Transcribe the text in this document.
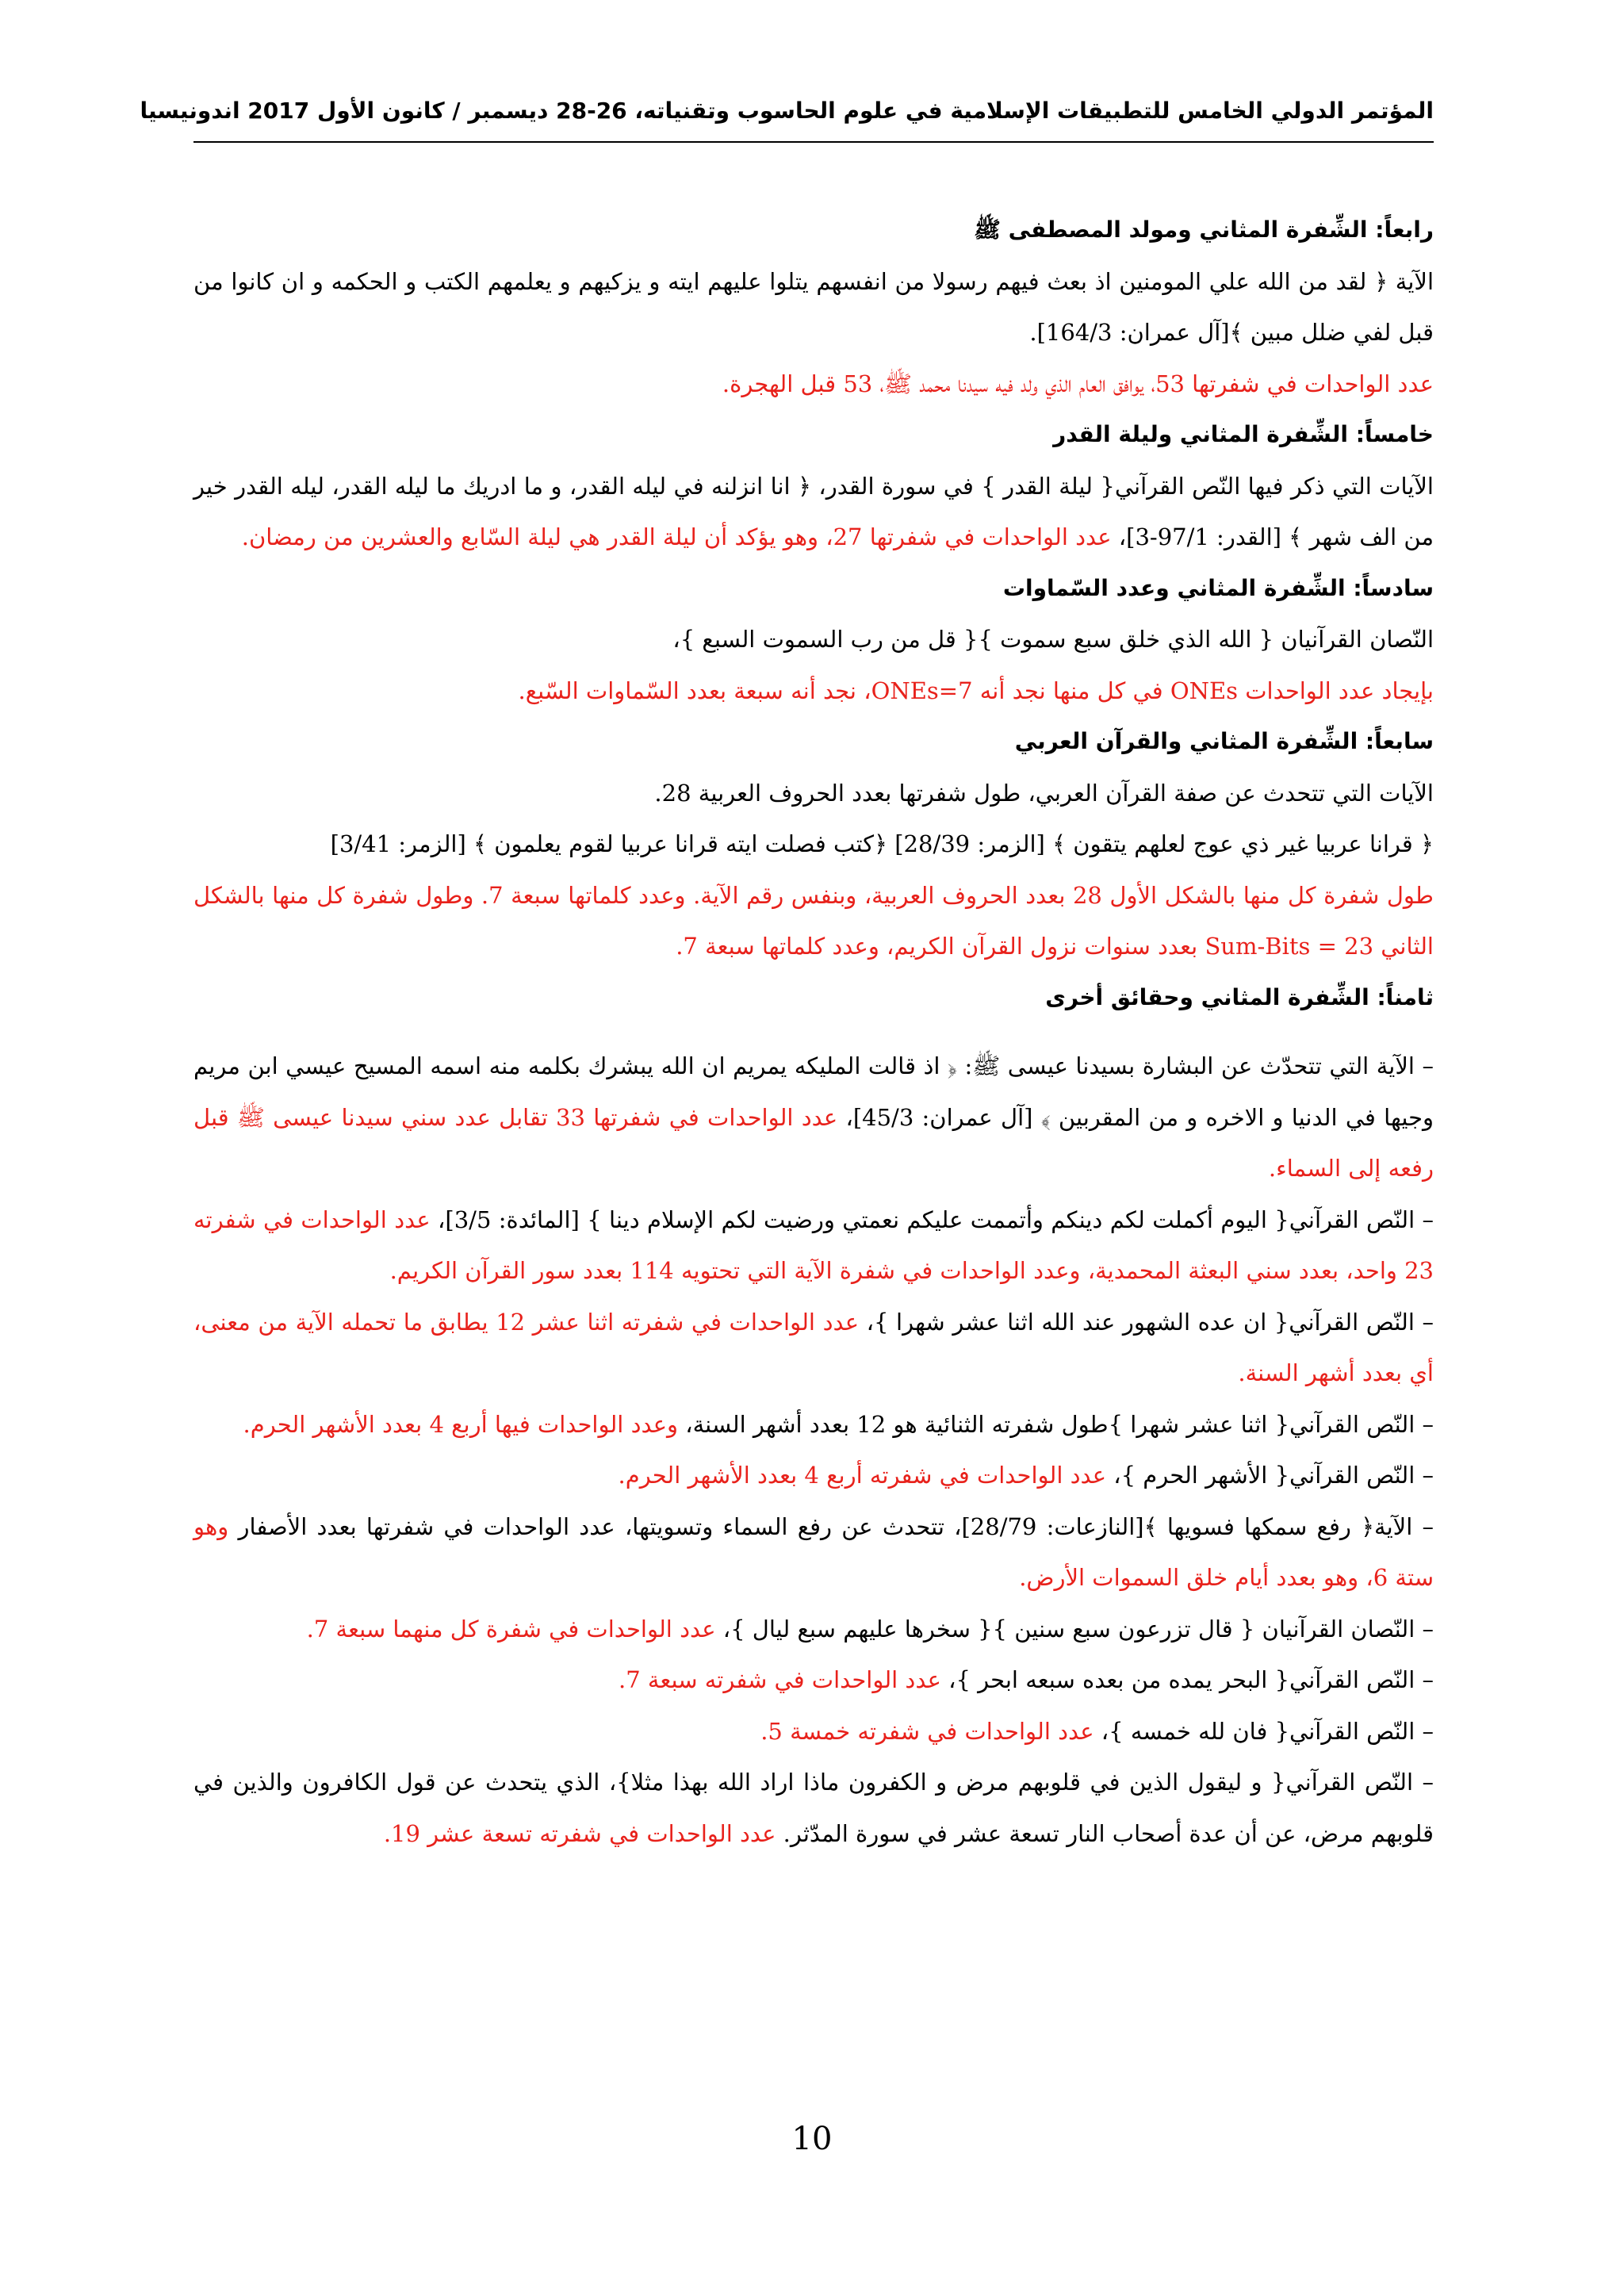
المؤتمر الدولي الخامس للتطبيقات الإسلامية في علوم الحاسوب وتقنياته، 26-28 ديسمبر / كانون الأول 2017 اندونيسيا

رابعاً: الشِّفرة المثاني ومولد المصطفى ﷺ

الآية ﴿ لقد من الله علي المومنين اذ بعث فيهم رسولا من انفسهم يتلوا عليهم ايته و يزكيهم و يعلمهم الكتب و الحكمه و ان كانوا من قبل لفي ضلل مبين ﴾[آل عمران: 164/3].

عدد الواحدات في شفرتها 53، يوافق العام الذي ولد فيه سيدنا محمد ﷺ، 53 قبل الهجرة.

خامساً: الشِّفرة المثاني وليلة القدر

الآيات التي ذكر فيها النّص القرآني{ ليلة القدر } في سورة القدر، ﴿ انا انزلنه في ليله القدر، و ما ادريك ما ليله القدر، ليله القدر خير من الف شهر ﴾ [القدر: 97/1-3]، عدد الواحدات في شفرتها 27، وهو يؤكد أن ليلة القدر هي ليلة السّابع والعشرين من رمضان.

سادساً: الشِّفرة المثاني وعدد السّماوات

النّصان القرآنيان { الله الذي خلق سبع سموت }{ قل من رب السموت السبع }،

بإيجاد عدد الواحدات ONEs في كل منها نجد أنه ONEs=7، نجد أنه سبعة بعدد السّماوات السّبع.

سابعاً: الشِّفرة المثاني والقرآن العربي

الآيات التي تتحدث عن صفة القرآن العربي، طول شفرتها بعدد الحروف العربية 28.

﴿ قرانا عربيا غير ذي عوج لعلهم يتقون ﴾ [الزمر: 28/39] ﴿كتب فصلت ايته قرانا عربيا لقوم يعلمون ﴾ [الزمر: 3/41]

طول شفرة كل منها بالشكل الأول 28 بعدد الحروف العربية، وبنفس رقم الآية. وعدد كلماتها سبعة 7. وطول شفرة كل منها بالشكل الثاني Sum-Bits = 23 بعدد سنوات نزول القرآن الكريم، وعدد كلماتها سبعة 7.

ثامناً: الشِّفرة المثاني وحقائق أخرى

– الآية التي تتحدّث عن البشارة بسيدنا عيسى ﷺ: ﴿ اذ قالت المليكه يمريم ان الله يبشرك بكلمه منه اسمه المسيح عيسي ابن مريم وجيها في الدنيا و الاخره و من المقربين ﴾ [آل عمران: 45/3]، عدد الواحدات في شفرتها 33 تقابل عدد سني سيدنا عيسى ﷺ قبل رفعه إلى السماء.

– النّص القرآني{ اليوم أكملت لكم دينكم وأتممت عليكم نعمتي ورضيت لكم الإسلام دينا } [المائدة: 3/5]، عدد الواحدات في شفرته 23 واحد، بعدد سني البعثة المحمدية، وعدد الواحدات في شفرة الآية التي تحتويه 114 بعدد سور القرآن الكريم.

– النّص القرآني{ ان عده الشهور عند الله اثنا عشر شهرا }، عدد الواحدات في شفرته اثنا عشر 12 يطابق ما تحمله الآية من معنى، أي بعدد أشهر السنة.

– النّص القرآني{ اثنا عشر شهرا }طول شفرته الثنائية هو 12 بعدد أشهر السنة، وعدد الواحدات فيها أربع 4 بعدد الأشهر الحرم.

– النّص القرآني{ الأشهر الحرم }، عدد الواحدات في شفرته أربع 4 بعدد الأشهر الحرم.

– الآية﴿ رفع سمكها فسويها ﴾[النازعات: 28/79]، تتحدث عن رفع السماء وتسويتها، عدد الواحدات في شفرتها بعدد الأصفار وهو ستة 6، وهو بعدد أيام خلق السموات الأرض.

– النّصان القرآنيان { قال تزرعون سبع سنين }{ سخرها عليهم سبع ليال }، عدد الواحدات في شفرة كل منهما سبعة 7.

– النّص القرآني{ البحر يمده من بعده سبعه ابحر }، عدد الواحدات في شفرته سبعة 7.

– النّص القرآني{ فان لله خمسه }، عدد الواحدات في شفرته خمسة 5.

– النّص القرآني{ و ليقول الذين في قلوبهم مرض و الكفرون ماذا اراد الله بهذا مثلا}، الذي يتحدث عن قول الكافرون والذين في قلوبهم مرض، عن أن عدة أصحاب النار تسعة عشر في سورة المدّثر. عدد الواحدات في شفرته تسعة عشر 19.

10
